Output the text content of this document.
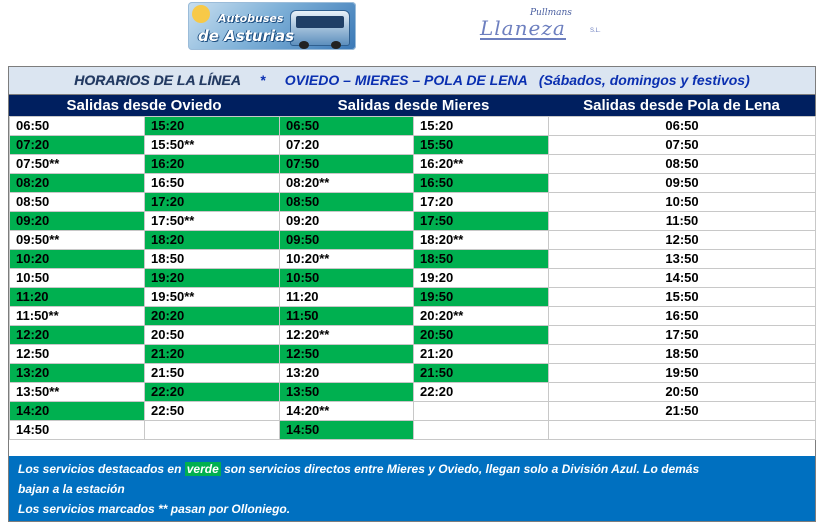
Autobuses
de Asturias
Pullmans
Llaneza	S.L.
HORARIOS DE LA LÍNEA * OVIEDO – MIERES – POLA DE LENA (Sábados, domingos y festivos)
Salidas desde Oviedo	Salidas desde Mieres	Salidas desde Pola de Lena
06:50	15:20	06:50	15:20	06:50
07:20	15:50**	07:20	15:50	07:50
07:50**	16:20	07:50	16:20**	08:50
08:20	16:50	08:20**	16:50	09:50
08:50	17:20	08:50	17:20	10:50
09:20	17:50**	09:20	17:50	11:50
09:50**	18:20	09:50	18:20**	12:50
10:20	18:50	10:20**	18:50	13:50
10:50	19:20	10:50	19:20	14:50
11:20	19:50**	11:20	19:50	15:50
11:50**	20:20	11:50	20:20**	16:50
12:20	20:50	12:20**	20:50	17:50
12:50	21:20	12:50	21:20	18:50
13:20	21:50	13:20	21:50	19:50
13:50**	22:20	13:50	22:20	20:50
14:20	22:50	14:20**		21:50
14:50		14:50		
Los servicios destacados en verde son servicios directos entre Mieres y Oviedo, llegan solo a División Azul. Lo demás
bajan a la estación
Los servicios marcados ** pasan por Olloniego.
